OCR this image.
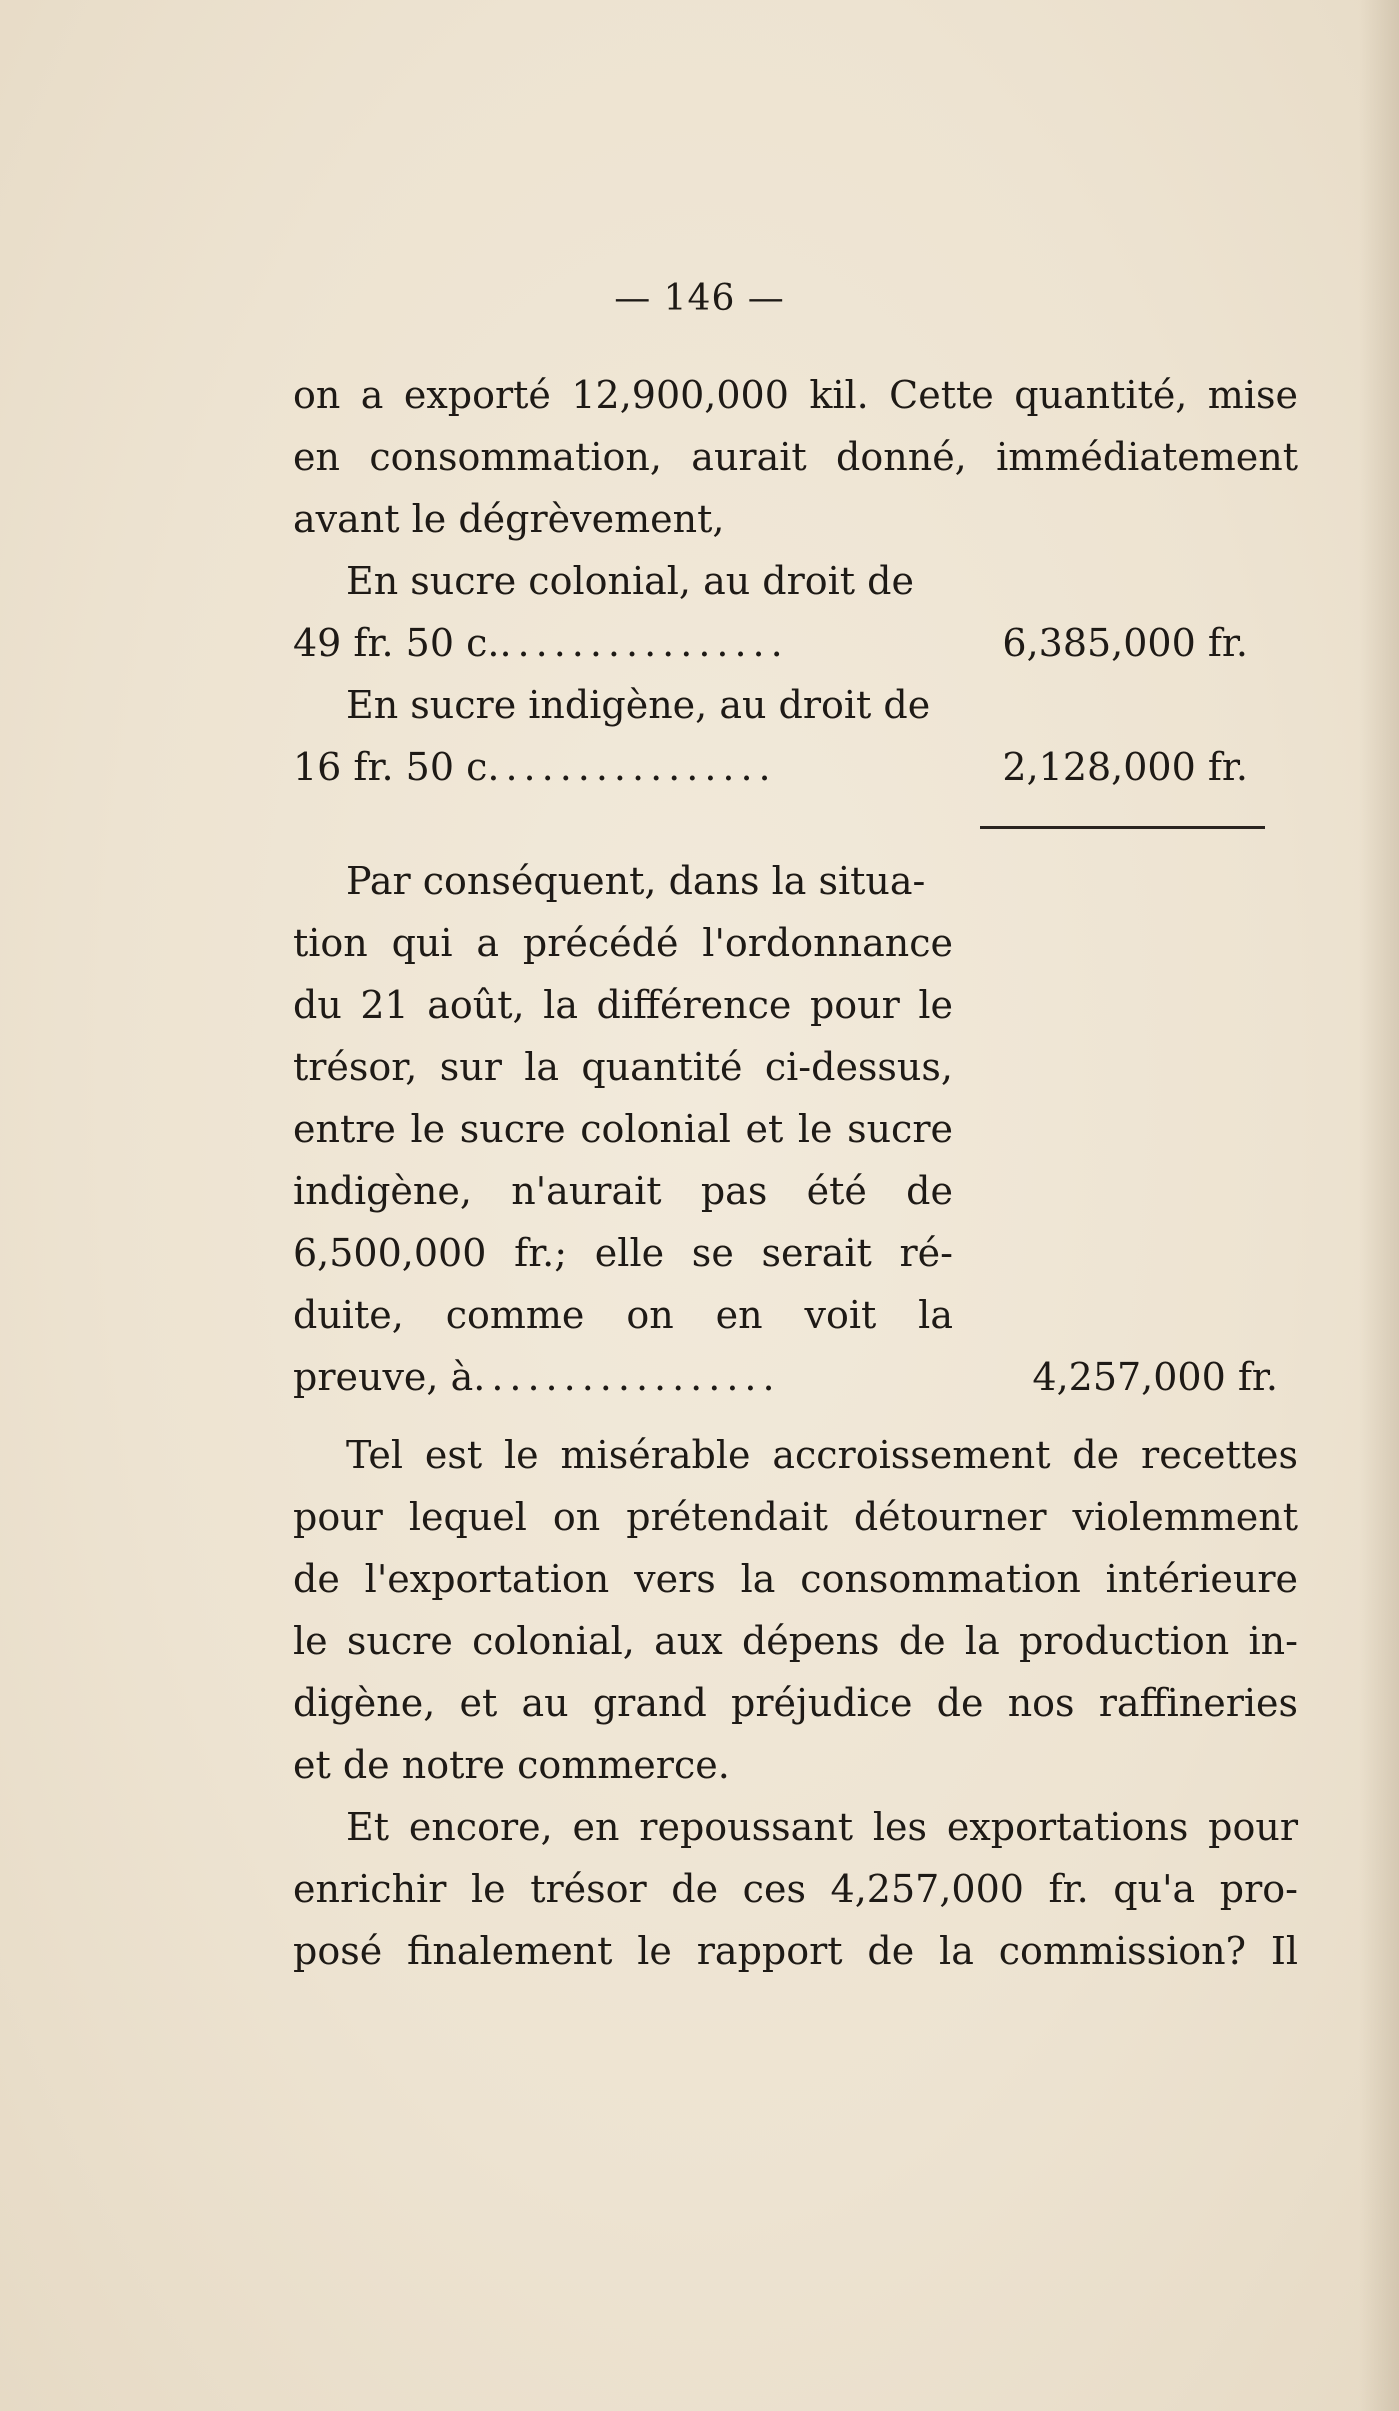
— 146 —
on a exporté 12,900,000 kil. Cette quantité, mise
en consommation, aurait donné, immédiatement
avant le dégrèvement,
En sucre colonial, au droit de
49 fr. 50 c.. ...............	6,385,000 fr.
En sucre indigène, au droit de
16 fr. 50 c. ...............	2,128,000 fr.
Par conséquent, dans la situa-
tion qui a précédé l'ordonnance
du 21 août, la différence pour le
trésor, sur la quantité ci-dessus,
entre le sucre colonial et le sucre
indigène, n'aurait pas été de
6,500,000 fr.; elle se serait ré-
duite, comme on en voit la
preuve, à. ................	4,257,000 fr.
Tel est le misérable accroissement de recettes
pour lequel on prétendait détourner violemment
de l'exportation vers la consommation intérieure
le sucre colonial, aux dépens de la production in-
digène, et au grand préjudice de nos raffineries
et de notre commerce.
Et encore, en repoussant les exportations pour
enrichir le trésor de ces 4,257,000 fr. qu'a pro-
posé finalement le rapport de la commission? Il
